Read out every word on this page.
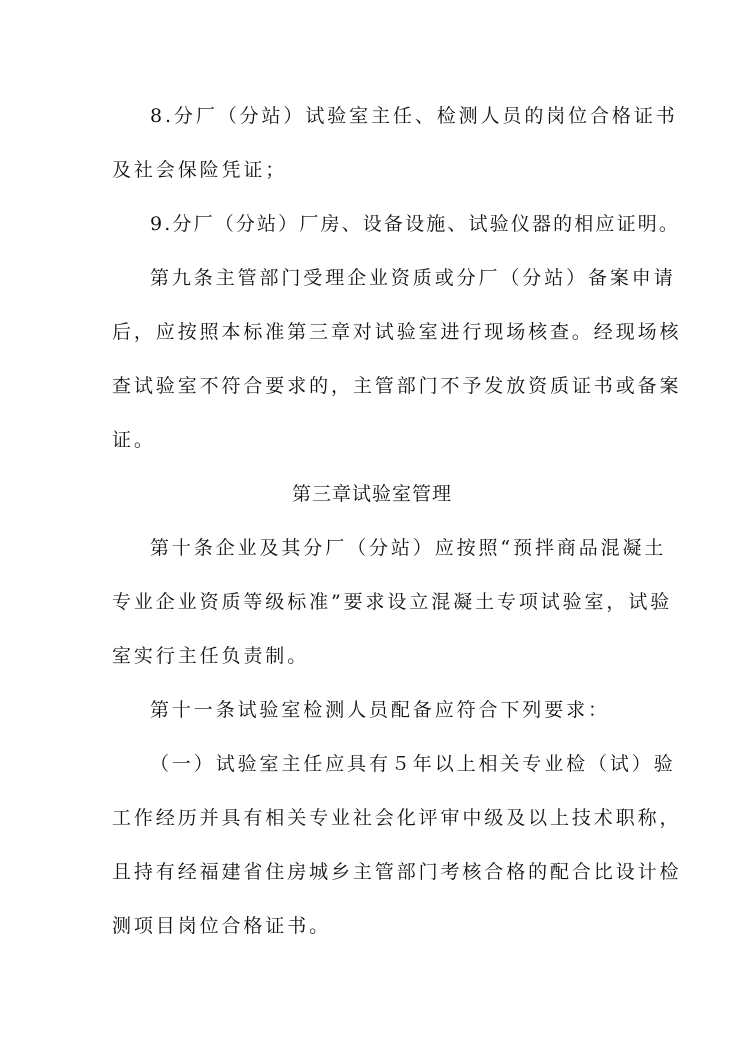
8.分厂（分站）试验室主任、检测人员的岗位合格证书
及社会保险凭证；
9.分厂（分站）厂房、设备设施、试验仪器的相应证明。
第九条主管部门受理企业资质或分厂（分站）备案申请
后，应按照本标准第三章对试验室进行现场核查。经现场核
查试验室不符合要求的，主管部门不予发放资质证书或备案
证。
第三章试验室管理
第十条企业及其分厂（分站）应按照“预拌商品混凝土
专业企业资质等级标准”要求设立混凝土专项试验室，试验
室实行主任负责制。
第十一条试验室检测人员配备应符合下列要求：
（一）试验室主任应具有５年以上相关专业检（试）验
工作经历并具有相关专业社会化评审中级及以上技术职称，
且持有经福建省住房城乡主管部门考核合格的配合比设计检
测项目岗位合格证书。
